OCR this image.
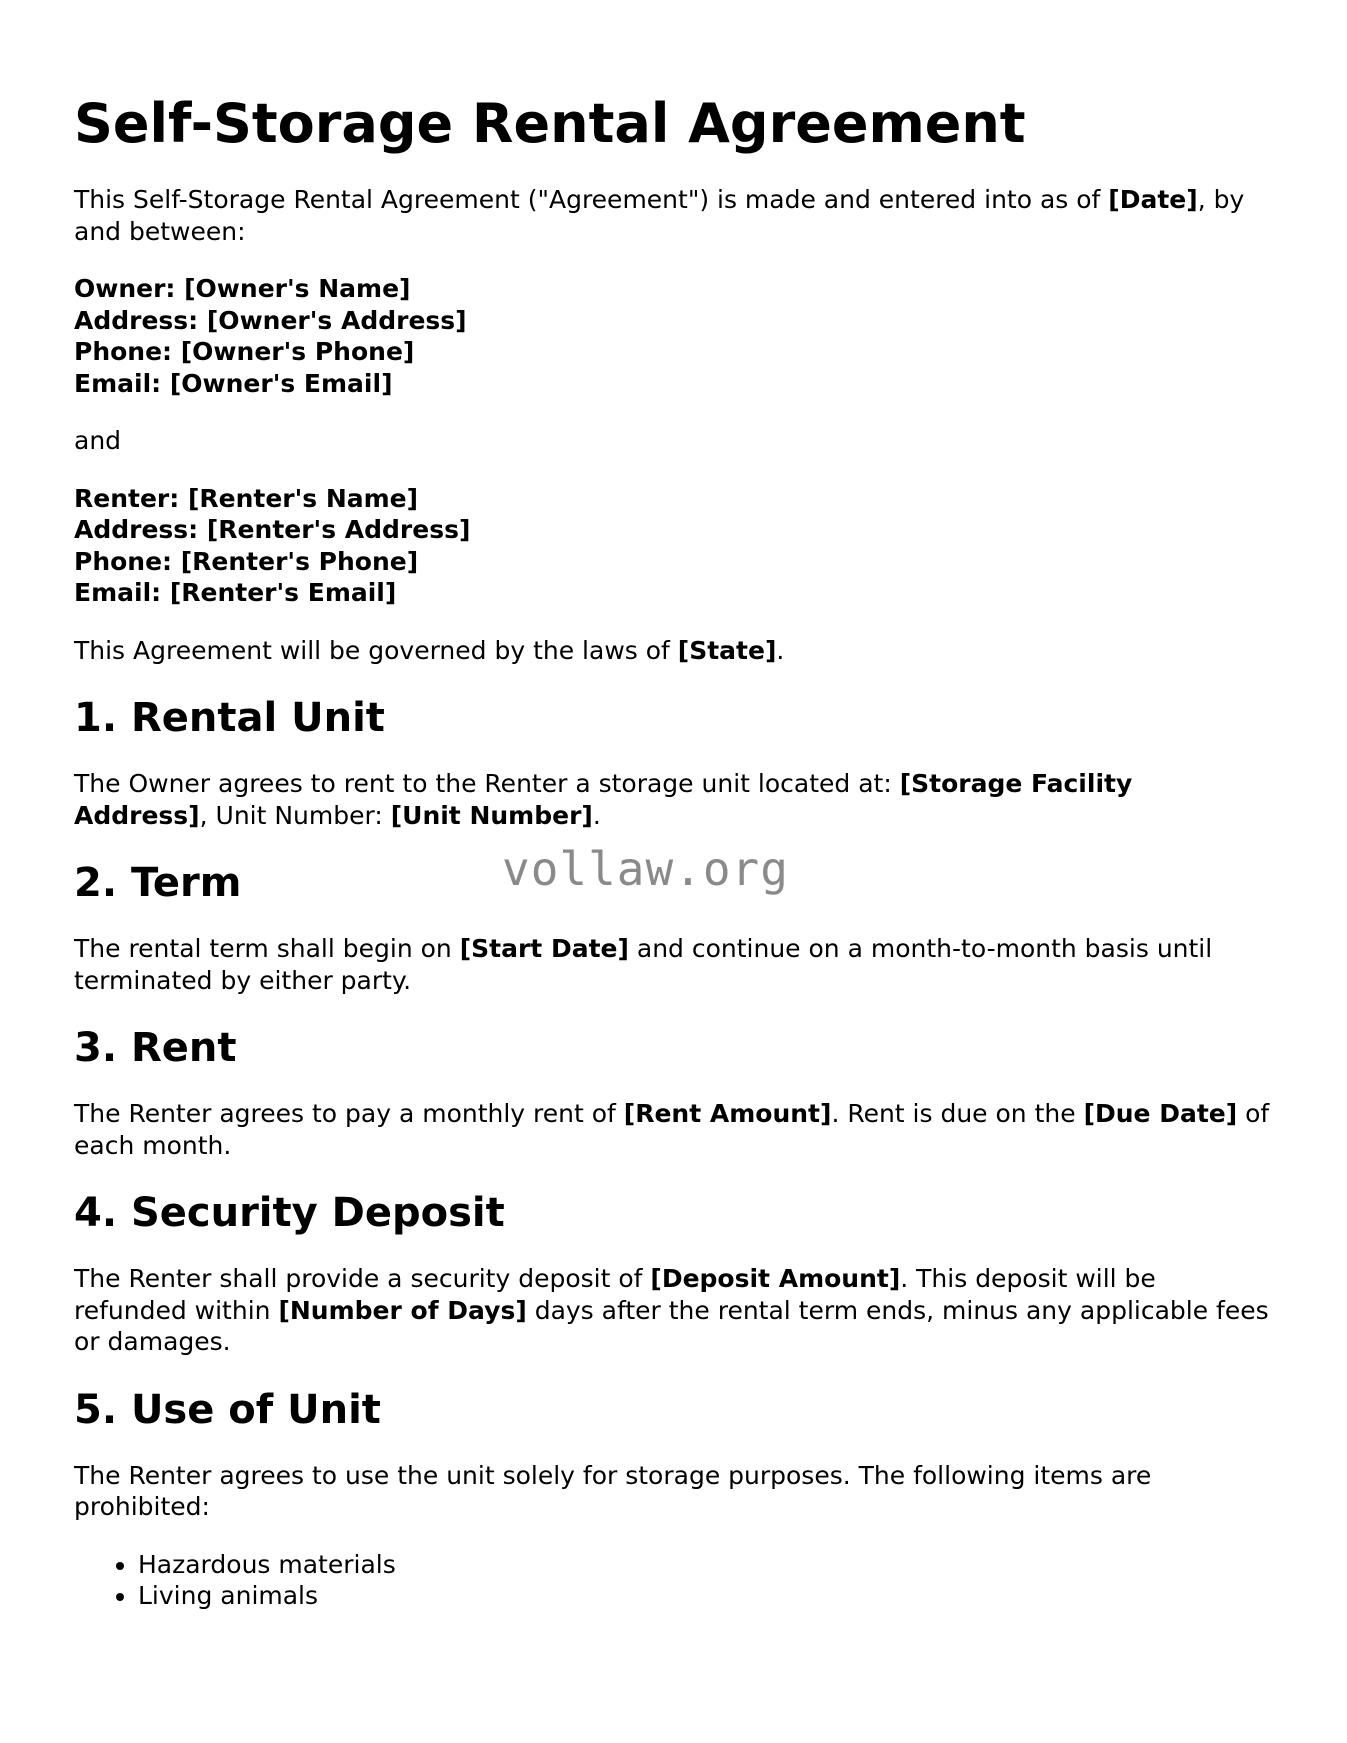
Self-Storage Rental Agreement

This Self-Storage Rental Agreement ("Agreement") is made and entered into as of [Date], by and between:

Owner: [Owner's Name]
Address: [Owner's Address]
Phone: [Owner's Phone]
Email: [Owner's Email]

and

Renter: [Renter's Name]
Address: [Renter's Address]
Phone: [Renter's Phone]
Email: [Renter's Email]

This Agreement will be governed by the laws of [State].

1. Rental Unit

The Owner agrees to rent to the Renter a storage unit located at: [Storage Facility Address], Unit Number: [Unit Number].

2. Term

The rental term shall begin on [Start Date] and continue on a month-to-month basis until terminated by either party.

3. Rent

The Renter agrees to pay a monthly rent of [Rent Amount]. Rent is due on the [Due Date] of each month.

4. Security Deposit

The Renter shall provide a security deposit of [Deposit Amount]. This deposit will be refunded within [Number of Days] days after the rental term ends, minus any applicable fees or damages.

5. Use of Unit

The Renter agrees to use the unit solely for storage purposes. The following items are prohibited:

• Hazardous materials
• Living animals
vollaw.org
